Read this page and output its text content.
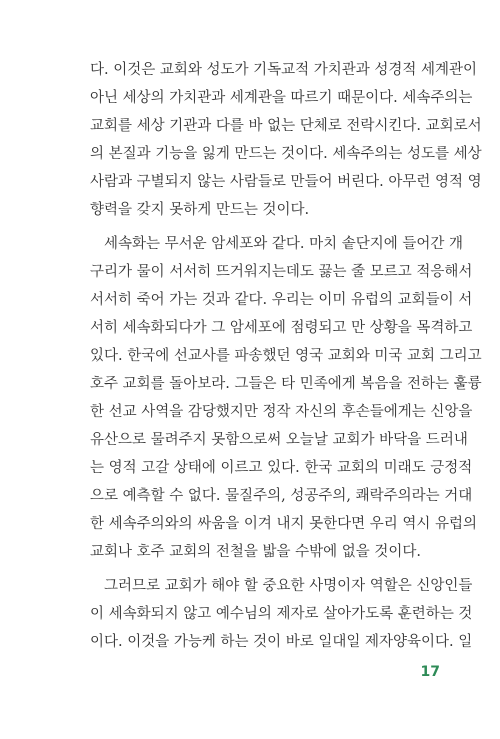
다. 이것은 교회와 성도가 기독교적 가치관과 성경적 세계관이
아닌 세상의 가치관과 세계관을 따르기 때문이다. 세속주의는
교회를 세상 기관과 다를 바 없는 단체로 전락시킨다. 교회로서
의 본질과 기능을 잃게 만드는 것이다. 세속주의는 성도를 세상
사람과 구별되지 않는 사람들로 만들어 버린다. 아무런 영적 영
향력을 갖지 못하게 만드는 것이다.
세속화는 무서운 암세포와 같다. 마치 솥단지에 들어간 개
구리가 물이 서서히 뜨거워지는데도 끓는 줄 모르고 적응해서
서서히 죽어 가는 것과 같다. 우리는 이미 유럽의 교회들이 서
서히 세속화되다가 그 암세포에 점령되고 만 상황을 목격하고
있다. 한국에 선교사를 파송했던 영국 교회와 미국 교회 그리고
호주 교회를 돌아보라. 그들은 타 민족에게 복음을 전하는 훌륭
한 선교 사역을 감당했지만 정작 자신의 후손들에게는 신앙을
유산으로 물려주지 못함으로써 오늘날 교회가 바닥을 드러내
는 영적 고갈 상태에 이르고 있다. 한국 교회의 미래도 긍정적
으로 예측할 수 없다. 물질주의, 성공주의, 쾌락주의라는 거대
한 세속주의와의 싸움을 이겨 내지 못한다면 우리 역시 유럽의
교회나 호주 교회의 전철을 밟을 수밖에 없을 것이다.
그러므로 교회가 해야 할 중요한 사명이자 역할은 신앙인들
이 세속화되지 않고 예수님의 제자로 살아가도록 훈련하는 것
이다. 이것을 가능케 하는 것이 바로 일대일 제자양육이다. 일
17
